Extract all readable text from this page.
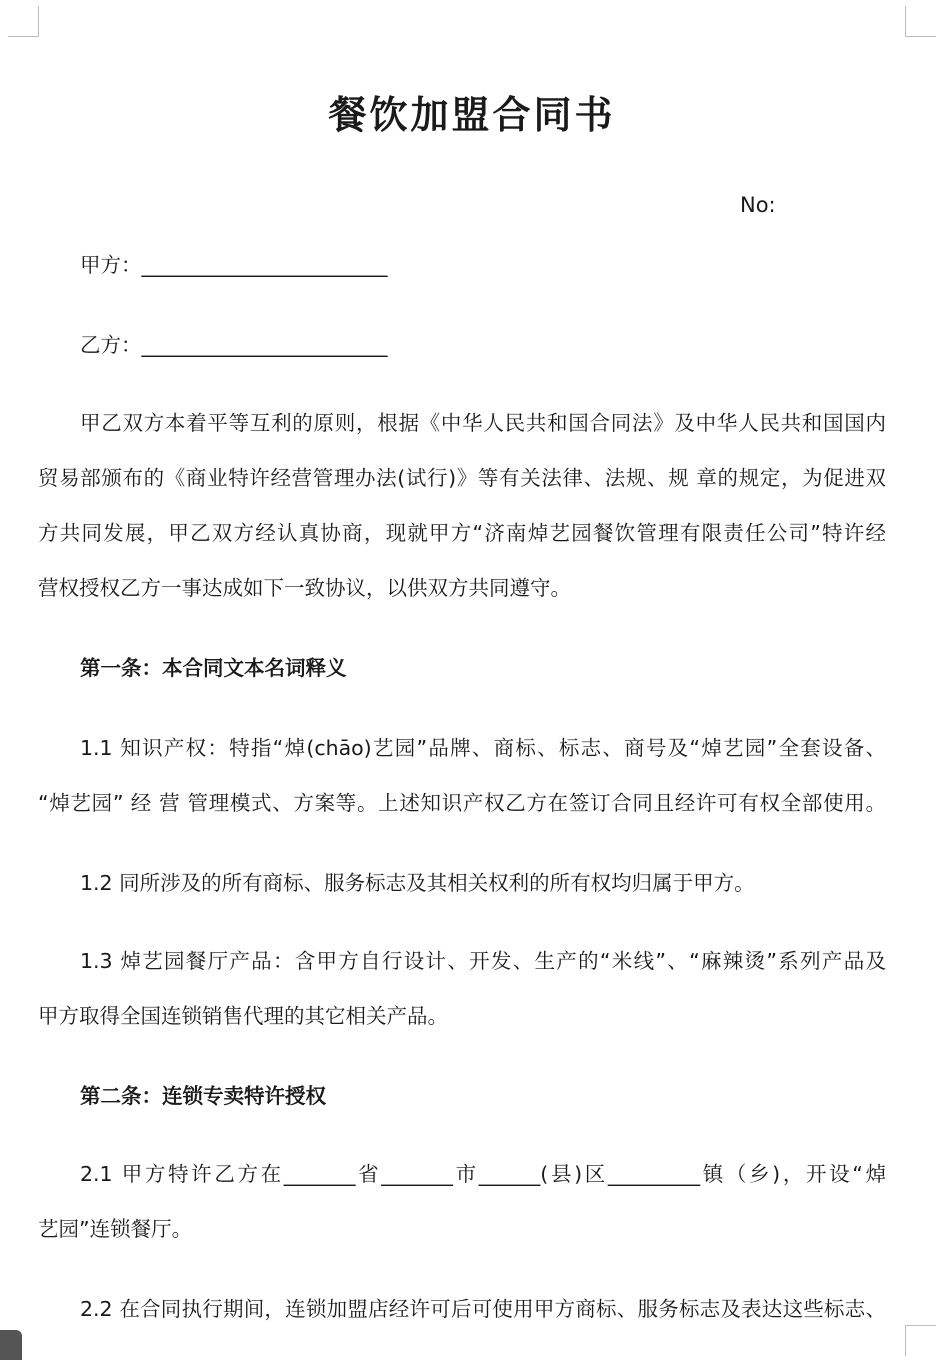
餐饮加盟合同书
No:
甲方：________________________
乙方：________________________
甲乙双方本着平等互利的原则，根据《中华人民共和国合同法》及中华人民共和国国内
贸易部颁布的《商业特许经营管理办法(试行)》等有关法律、法规、规 章的规定，为促进双
方共同发展，甲乙双方经认真协商，现就甲方“济南焯艺园餐饮管理有限责任公司”特许经
营权授权乙方一事达成如下一致协议，以供双方共同遵守。
第一条：本合同文本名词释义
1.1 知识产权：特指“焯(chāo)艺园”品牌、商标、标志、商号及“焯艺园”全套设备、
“焯艺园” 经 营 管理模式、方案等。上述知识产权乙方在签订合同且经许可有权全部使用。
1.2 同所涉及的所有商标、服务标志及其相关权利的所有权均归属于甲方。
1.3 焯艺园餐厅产品：含甲方自行设计、开发、生产的“米线”、“麻辣烫”系列产品及
甲方取得全国连锁销售代理的其它相关产品。
第二条：连锁专卖特许授权
2.1 甲方特许乙方在_______省_______市______(县)区_________镇（乡)，开设“焯
艺园”连锁餐厅。
2.2 在合同执行期间，连锁加盟店经许可后可使用甲方商标、服务标志及表达这些标志、
